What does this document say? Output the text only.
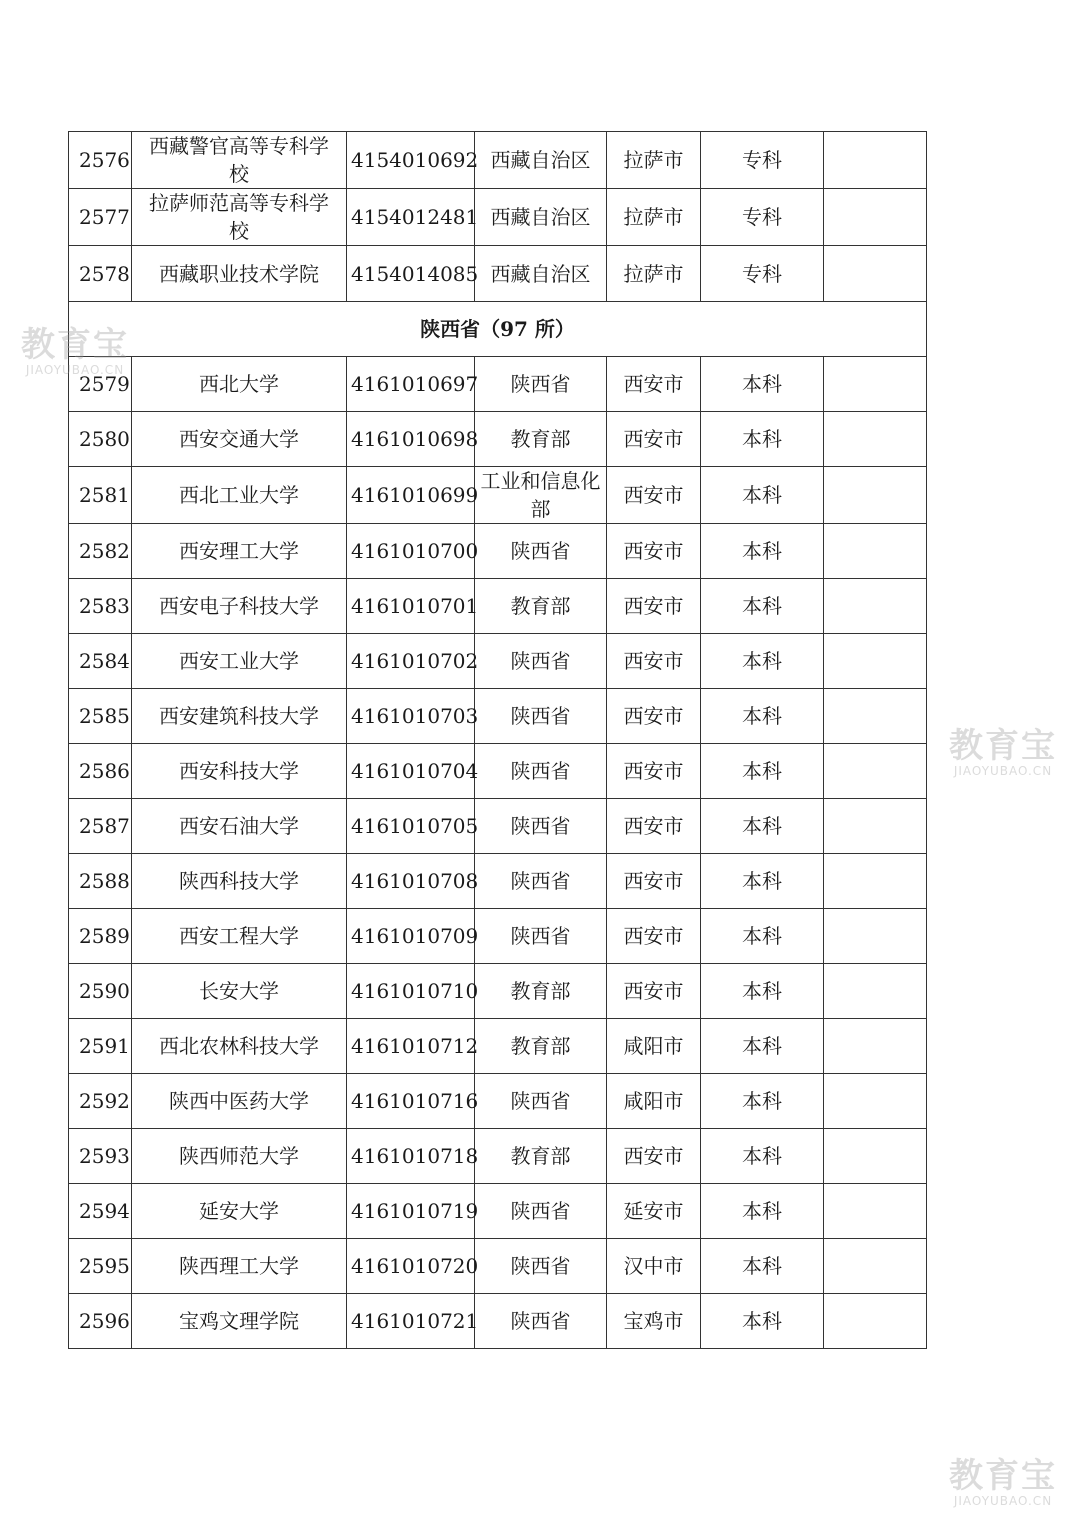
2576	西藏警官高等专科学校	4154010692	西藏自治区	拉萨市	专科	
2577	拉萨师范高等专科学校	4154012481	西藏自治区	拉萨市	专科	
2578	西藏职业技术学院	4154014085	西藏自治区	拉萨市	专科	
陕西省（97 所）						
2579	西北大学	4161010697	陕西省	西安市	本科	
2580	西安交通大学	4161010698	教育部	西安市	本科	
2581	西北工业大学	4161010699	工业和信息化部	西安市	本科	
2582	西安理工大学	4161010700	陕西省	西安市	本科	
2583	西安电子科技大学	4161010701	教育部	西安市	本科	
2584	西安工业大学	4161010702	陕西省	西安市	本科	
2585	西安建筑科技大学	4161010703	陕西省	西安市	本科	
2586	西安科技大学	4161010704	陕西省	西安市	本科	
2587	西安石油大学	4161010705	陕西省	西安市	本科	
2588	陕西科技大学	4161010708	陕西省	西安市	本科	
2589	西安工程大学	4161010709	陕西省	西安市	本科	
2590	长安大学	4161010710	教育部	西安市	本科	
2591	西北农林科技大学	4161010712	教育部	咸阳市	本科	
2592	陕西中医药大学	4161010716	陕西省	咸阳市	本科	
2593	陕西师范大学	4161010718	教育部	西安市	本科	
2594	延安大学	4161010719	陕西省	延安市	本科	
2595	陕西理工大学	4161010720	陕西省	汉中市	本科	
2596	宝鸡文理学院	4161010721	陕西省	宝鸡市	本科	
教育宝
JIAOYUBAO.CN
教育宝
JIAOYUBAO.CN
教育宝
JIAOYUBAO.CN
